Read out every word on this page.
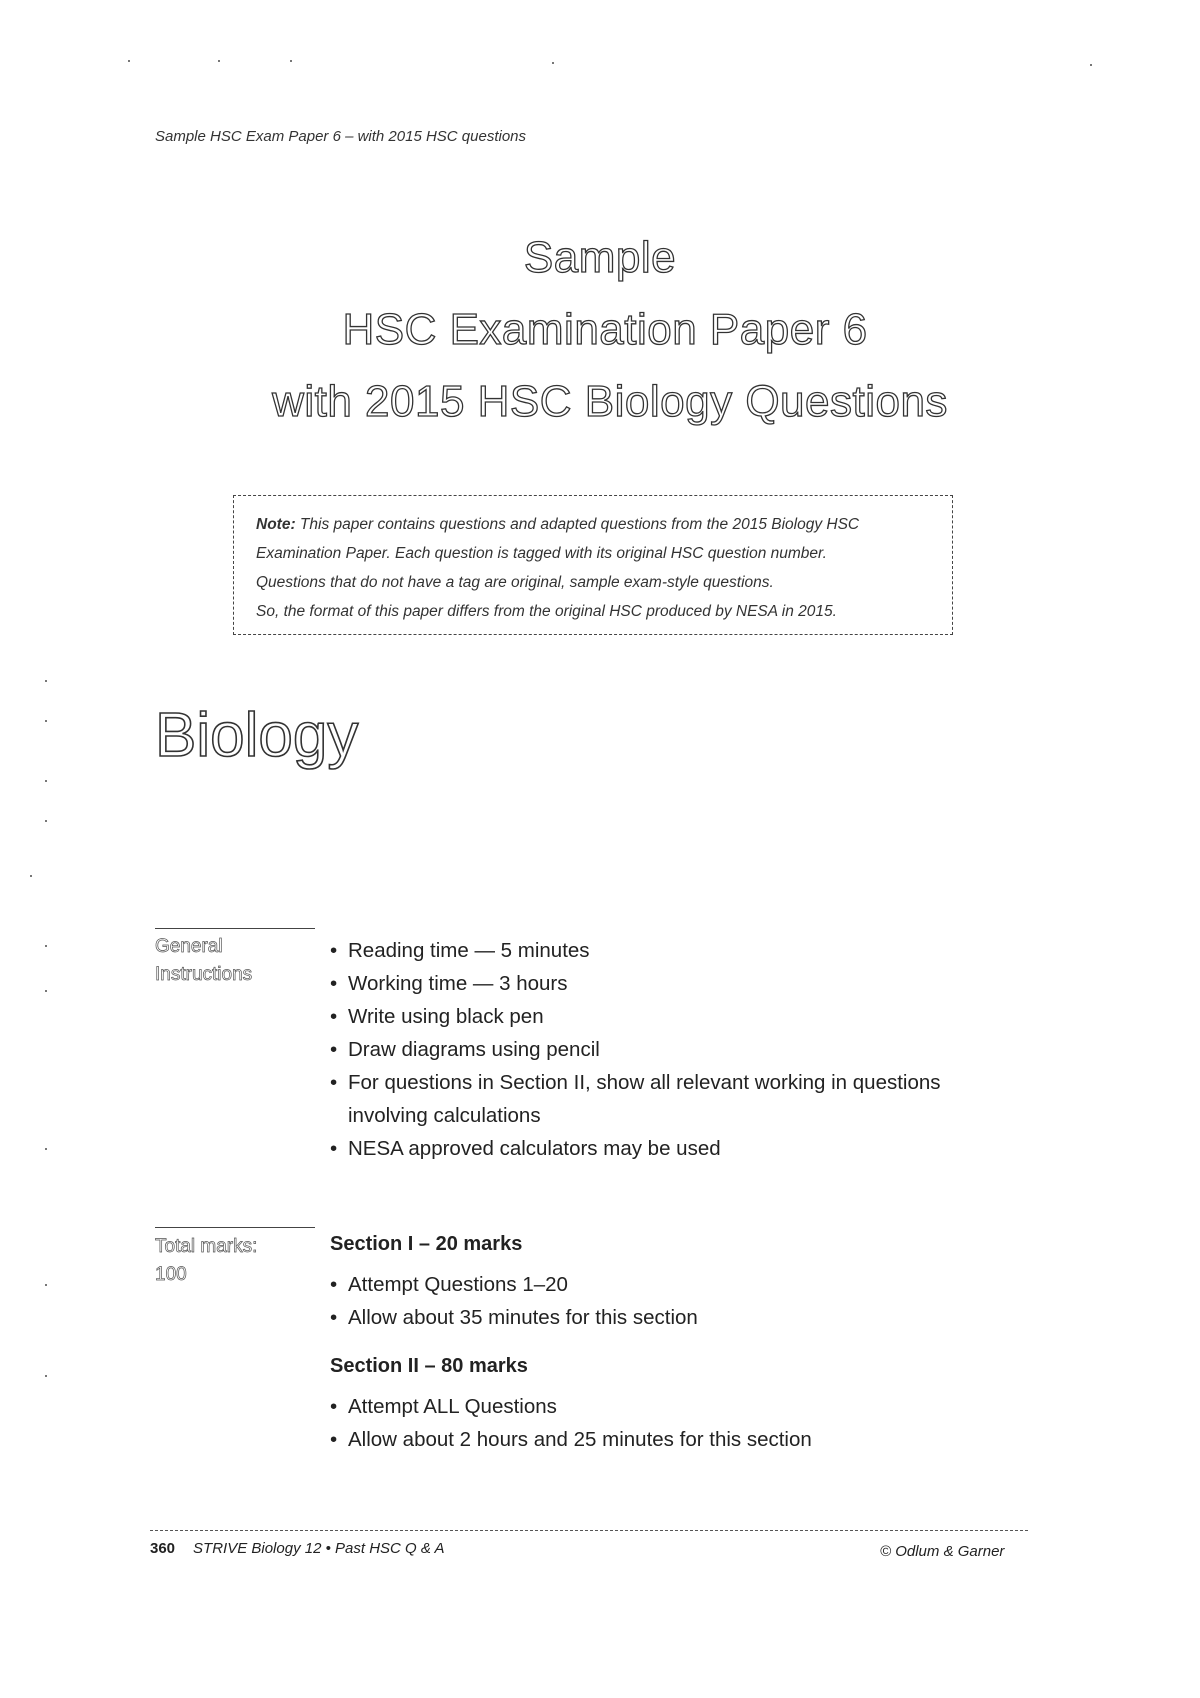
Sample HSC Exam Paper 6 – with 2015 HSC questions
Sample
HSC Examination Paper 6
with 2015 HSC Biology Questions
Note: This paper contains questions and adapted questions from the 2015 Biology HSC
Examination Paper. Each question is tagged with its original HSC question number.
Questions that do not have a tag are original, sample exam-style questions.
So, the format of this paper differs from the original HSC produced by NESA in 2015.
Biology
General
Instructions
• Reading time — 5 minutes
• Working time — 3 hours
• Write using black pen
• Draw diagrams using pencil
• For questions in Section II, show all relevant working in questions
involving calculations
• NESA approved calculators may be used
Total marks:
100
Section I – 20 marks
• Attempt Questions 1–20
• Allow about 35 minutes for this section
Section II – 80 marks
• Attempt ALL Questions
• Allow about 2 hours and 25 minutes for this section
360 STRIVE Biology 12 • Past HSC Q & A	© Odlum & Garner
